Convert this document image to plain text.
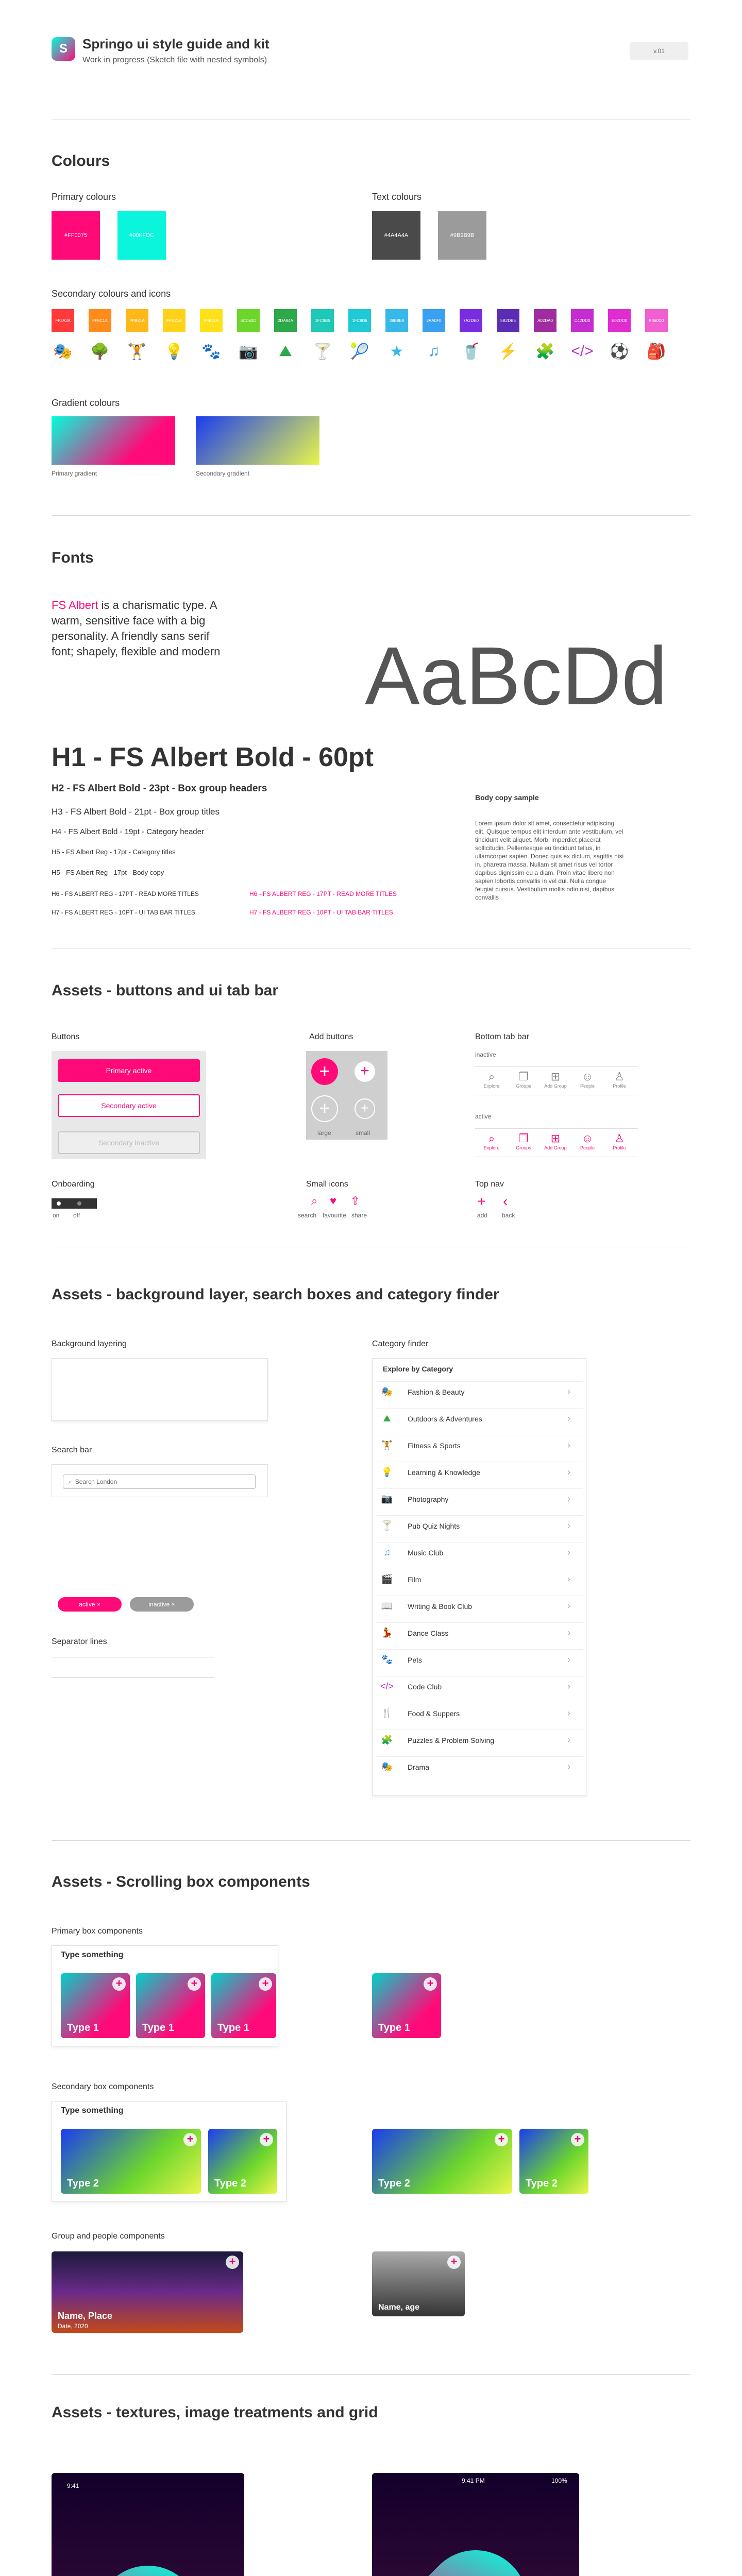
S	Springo ui style guide and kit
Work in progress (Sketch file with nested symbols)
v.01
Colours
Primary colours
#FF0075	#00FFDC
Text colours
#4A4A4A	#9B9B9B
Secondary colours and icons
FF3A3A
🎭
FF8C1A
🌳
FFB81A
🏋
FFD21A
💡
FFE11A
🐾
6CD62D
📷
2DA84A
⛰
1FC9B5
🍸
1FC9D6
🎾
38B8E8
★
3AA0F0
♫
7A2DE0
🥤
5B2DB5
⚡
A02DA0
🧩
C42DD0
</>
E02DD0
⚽
F060D0
🎒
Gradient colours
Primary gradient	Secondary gradient
Fonts
FS Albert is a charismatic type. A warm, sensitive face with a big personality. A friendly sans serif font; shapely, flexible and modern AaBcDd
H1 - FS Albert Bold - 60pt
H2 - FS Albert Bold - 23pt - Box group headers
H3 - FS Albert Bold - 21pt - Box group titles
H4 - FS Albert Bold - 19pt - Category header
H5 - FS Albert Reg - 17pt - Category titles
H5 - FS Albert Reg - 17pt - Body copy
H6 - FS ALBERT REG - 17PT - READ MORE TITLES
H7 - FS ALBERT REG - 10PT - UI TAB BAR TITLES
H6 - FS ALBERT REG - 17PT - READ MORE TITLES
H7 - FS ALBERT REG - 10PT - UI TAB BAR TITLES
Body copy sample
Lorem ipsum dolor sit amet, consectetur adipiscing elit. Quisque tempus elit interdum ante vestibulum, vel tincidunt velit aliquet. Morbi imperdiet placerat sollicitudin. Pellentesque eu tincidunt tellus, in ullamcorper sapien. Donec quis ex dictum, sagittis nisi in, pharetra massa. Nullam sit amet risus vel tortor dapibus dignissim eu a diam. Proin vitae libero non sapien lobortis convallis in vel dui. Nulla congue feugiat cursus. Vestibulum mollis odio nisi, dapibus convallis
Assets - buttons and ui tab bar
Buttons
Primary active
Secondary active
Secondary inactive
Add buttons
+	+
+	+
large	small
Bottom tab bar
inactive
⌕
Explore
❐
Groups
⊞
Add Group
☺
People
♙
Profile
active
⌕
Explore
❐
Groups
⊞
Add Group
☺
People
♙
Profile
Onboarding
on off
Small icons
⌕ ♥ ⇪
search favourite share
Top nav
+ ‹
add back
Assets - background layer, search boxes and category finder
Background layering
Search bar
⌕ Search London
active ×	inactive ×
Separator lines
Category finder
Explore by Category
🎭	Fashion & Beauty	›
⛰	Outdoors & Adventures	›
🏋	Fitness & Sports	›
💡	Learning & Knowledge	›
📷	Photography	›
🍸	Pub Quiz Nights	›
♫	Music Club	›
🎬	Film	›
📖	Writing & Book Club	›
💃	Dance Class	›
🐾	Pets	›
</>	Code Club	›
🍴	Food & Suppers	›
🧩	Puzzles & Problem Solving	›
🎭	Drama	›
Assets - Scrolling box components
Primary box components
Type something
+
Type 1
+
Type 1
+
Type 1
+
Type 1
Secondary box components
Type something
+
Type 2
+
Type 2
+
Type 2
+
Type 2
Group and people components
+
Name, Place
Date, 2020
+
Name, age
Assets - textures, image treatments and grid
9:41
9:41 PM	100%
